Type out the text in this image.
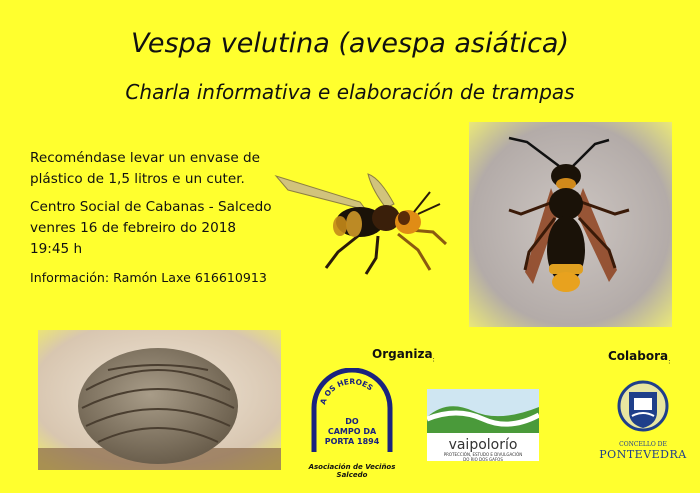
Vespa velutina (avespa asiática)
Charla informativa e elaboración de trampas

Recoméndase levar un envase de

plástico de 1,5 litros e un cuter.

Centro Social de Cabanas - Salcedo

venres 16 de febreiro do 2018

19:45 h

Información: Ramón Laxe 616610913

Organiza$_:$	Colabora$_:$
A OS HEROES
DO
CAMPO DA
PORTA 1894
Asociación de Veciños
Salcedo
vaipolorío
PROTECCIÓN, ESTUDO E DIVULGACIÓN
DO RIO DOS GAFOS
CONCELLO DE
PONTEVEDRA
